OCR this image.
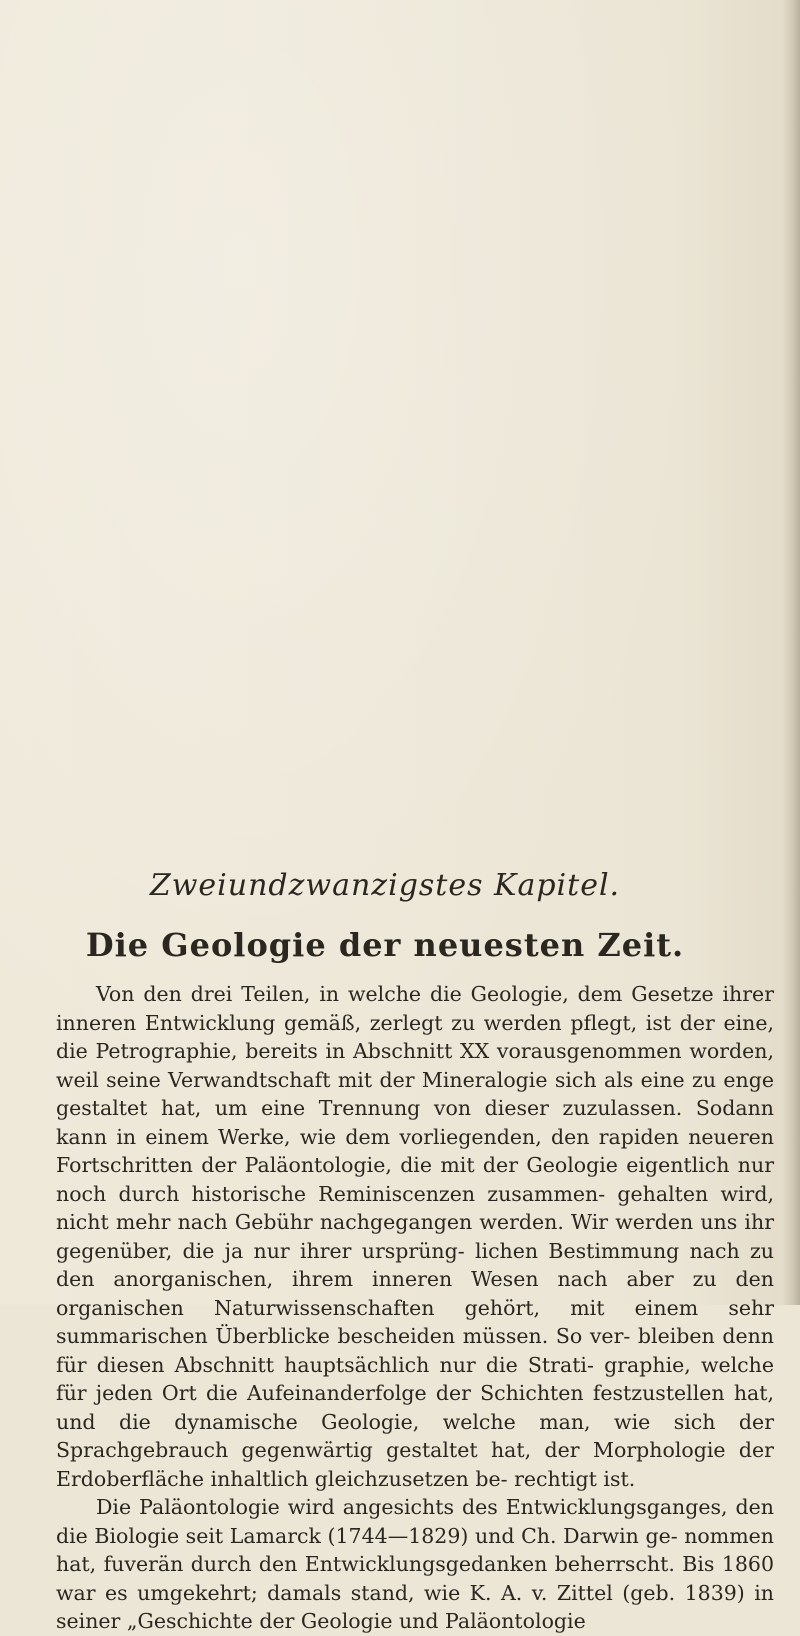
Zweiundzwanzigstes Kapitel.
Die Geologie der neuesten Zeit.

Von den drei Teilen, in welche die Geologie, dem Gesetze ihrer inneren Entwicklung gemäß, zerlegt zu werden pflegt, ist der eine, die Petrographie, bereits in Abschnitt XX vorausgenommen worden, weil seine Verwandtschaft mit der Mineralogie sich als eine zu enge gestaltet hat, um eine Trennung von dieser zuzulassen. Sodann kann in einem Werke, wie dem vorliegenden, den rapiden neueren Fortschritten der Paläontologie, die mit der Geologie eigentlich nur noch durch historische Reminiscenzen zusammen- gehalten wird, nicht mehr nach Gebühr nachgegangen werden. Wir werden uns ihr gegenüber, die ja nur ihrer ursprüng- lichen Bestimmung nach zu den anorganischen, ihrem inneren Wesen nach aber zu den organischen Naturwissenschaften gehört, mit einem sehr summarischen Überblicke bescheiden müssen. So ver- bleiben denn für diesen Abschnitt hauptsächlich nur die Strati- graphie, welche für jeden Ort die Aufeinanderfolge der Schichten festzustellen hat, und die dynamische Geologie, welche man, wie sich der Sprachgebrauch gegenwärtig gestaltet hat, der Morphologie der Erdoberfläche inhaltlich gleichzusetzen be- rechtigt ist.

Die Paläontologie wird angesichts des Entwicklungsganges, den die Biologie seit Lamarck (1744—1829) und Ch. Darwin ge- nommen hat, fuverän durch den Entwicklungsgedanken beherrscht. Bis 1860 war es umgekehrt; damals stand, wie K. A. v. Zittel (geb. 1839) in seiner „Geschichte der Geologie und Paläontologie
